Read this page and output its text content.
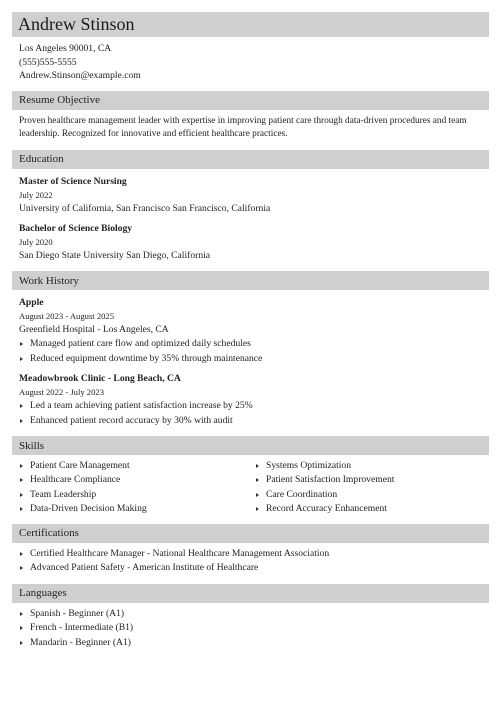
Andrew Stinson
Los Angeles 90001, CA
(555)555-5555
Andrew.Stinson@example.com
Resume Objective
Proven healthcare management leader with expertise in improving patient care through data-driven procedures and team leadership. Recognized for innovative and efficient healthcare practices.
Education
Master of Science Nursing
July 2022
University of California, San Francisco San Francisco, California
Bachelor of Science Biology
July 2020
San Diego State University San Diego, California
Work History
Apple
August 2023 - August 2025
Greenfield Hospital - Los Angeles, CA
Managed patient care flow and optimized daily schedules
Reduced equipment downtime by 35% through maintenance
Meadowbrook Clinic - Long Beach, CA
August 2022 - July 2023
Led a team achieving patient satisfaction increase by 25%
Enhanced patient record accuracy by 30% with audit
Skills
Patient Care Management
Healthcare Compliance
Team Leadership
Data-Driven Decision Making
Systems Optimization
Patient Satisfaction Improvement
Care Coordination
Record Accuracy Enhancement
Certifications
Certified Healthcare Manager - National Healthcare Management Association
Advanced Patient Safety - American Institute of Healthcare
Languages
Spanish - Beginner (A1)
French - Intermediate (B1)
Mandarin - Beginner (A1)
